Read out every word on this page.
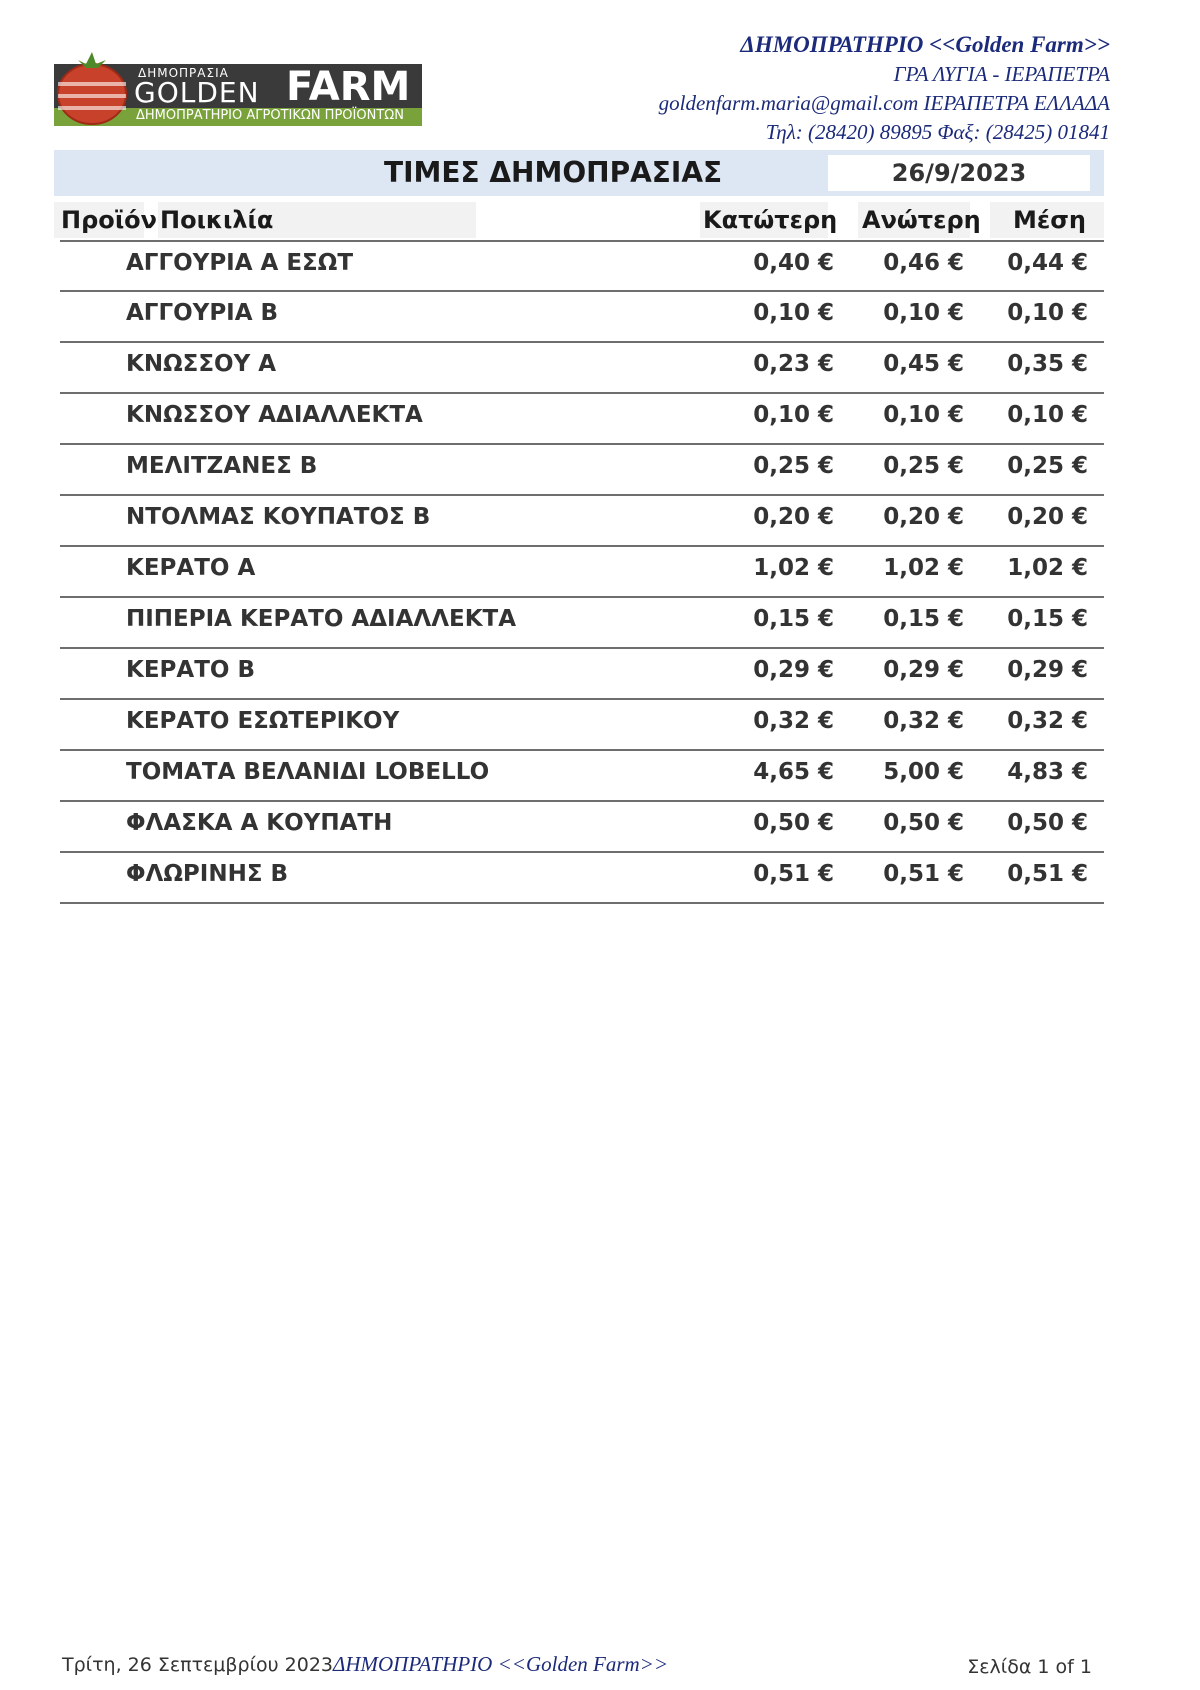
ΔΗΜΟΠΡΑΣΙΑ
GOLDEN FARM
ΔΗΜΟΠΡΑΤΗΡΙΟ ΑΓΡΟΤΙΚΩΝ ΠΡΟΪΟΝΤΩΝ
ΔΗΜΟΠΡΑΤΗΡΙΟ <<Golden Farm>>
ΓΡΑ ΛΥΓΙΑ - ΙΕΡΑΠΕΤΡΑ
goldenfarm.maria@gmail.com ΙΕΡΑΠΕΤΡΑ ΕΛΛΑΔΑ
Τηλ: (28420) 89895 Φαξ: (28425) 01841
ΤΙΜΕΣ ΔΗΜΟΠΡΑΣΙΑΣ	26/9/2023
Προϊόν Ποικιλία	Κατώτερη Ανώτερη Μέση
ΑΓΓΟΥΡΙΑ Α ΕΣΩΤ	0,40 € 0,46 € 0,44 €
ΑΓΓΟΥΡΙΑ Β	0,10 € 0,10 € 0,10 €
ΚΝΩΣΣΟΥ Α	0,23 € 0,45 € 0,35 €
ΚΝΩΣΣΟΥ ΑΔΙΑΛΛΕΚΤΑ	0,10 € 0,10 € 0,10 €
ΜΕΛΙΤΖΑΝΕΣ Β	0,25 € 0,25 € 0,25 €
ΝΤΟΛΜΑΣ ΚΟΥΠΑΤΟΣ Β	0,20 € 0,20 € 0,20 €
ΚΕΡΑΤΟ Α	1,02 € 1,02 € 1,02 €
ΠΙΠΕΡΙΑ ΚΕΡΑΤΟ ΑΔΙΑΛΛΕΚΤΑ	0,15 € 0,15 € 0,15 €
ΚΕΡΑΤΟ Β	0,29 € 0,29 € 0,29 €
ΚΕΡΑΤΟ ΕΣΩΤΕΡΙΚΟΥ	0,32 € 0,32 € 0,32 €
ΤΟΜΑΤΑ ΒΕΛΑΝΙΔΙ LOBELLO	4,65 € 5,00 € 4,83 €
ΦΛΑΣΚΑ Α ΚΟΥΠΑΤΗ	0,50 € 0,50 € 0,50 €
ΦΛΩΡΙΝΗΣ Β	0,51 € 0,51 € 0,51 €
Τρίτη, 26 Σεπτεμβρίου 2023ΔΗΜΟΠΡΑΤΗΡΙΟ <<Golden Farm>>	Σελίδα 1 of 1
